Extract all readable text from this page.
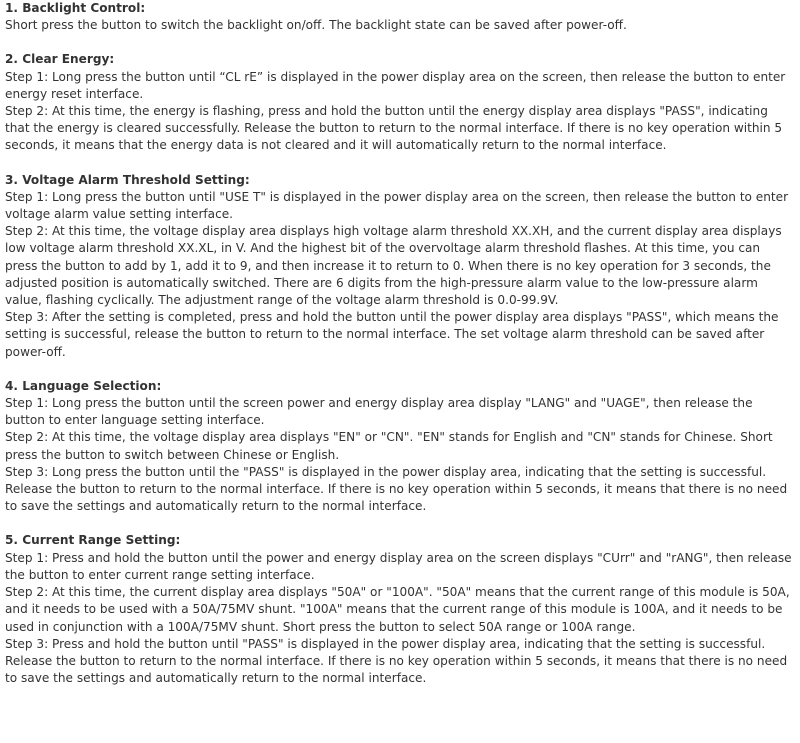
1. Backlight Control:

Short press the button to switch the backlight on/off. The backlight state can be saved after power-off.

2. Clear Energy:

Step 1: Long press the button until “CL rE” is displayed in the power display area on the screen, then release the button to enter energy reset interface.

Step 2: At this time, the energy is flashing, press and hold the button until the energy display area displays "PASS", indicating that the energy is cleared successfully. Release the button to return to the normal interface. If there is no key operation within 5 seconds, it means that the energy data is not cleared and it will automatically return to the normal interface.

3. Voltage Alarm Threshold Setting:

Step 1: Long press the button until "USE T" is displayed in the power display area on the screen, then release the button to enter voltage alarm value setting interface.

Step 2: At this time, the voltage display area displays high voltage alarm threshold XX.XH, and the current display area displays low voltage alarm threshold XX.XL, in V. And the highest bit of the overvoltage alarm threshold flashes. At this time, you can press the button to add by 1, add it to 9, and then increase it to return to 0. When there is no key operation for 3 seconds, the adjusted position is automatically switched. There are 6 digits from the high-pressure alarm value to the low-pressure alarm value, flashing cyclically. The adjustment range of the voltage alarm threshold is 0.0-99.9V.

Step 3: After the setting is completed, press and hold the button until the power display area displays "PASS", which means the setting is successful, release the button to return to the normal interface. The set voltage alarm threshold can be saved after power-off.

4. Language Selection:

Step 1: Long press the button until the screen power and energy display area display "LANG" and "UAGE", then release the button to enter language setting interface.

Step 2: At this time, the voltage display area displays "EN" or "CN". "EN" stands for English and "CN" stands for Chinese. Short press the button to switch between Chinese or English.

Step 3: Long press the button until the "PASS" is displayed in the power display area, indicating that the setting is successful. Release the button to return to the normal interface. If there is no key operation within 5 seconds, it means that there is no need to save the settings and automatically return to the normal interface.

5. Current Range Setting:

Step 1: Press and hold the button until the power and energy display area on the screen displays "CUrr" and "rANG", then release the button to enter current range setting interface.

Step 2: At this time, the current display area displays "50A" or "100A". "50A" means that the current range of this module is 50A, and it needs to be used with a 50A/75MV shunt. "100A" means that the current range of this module is 100A, and it needs to be used in conjunction with a 100A/75MV shunt. Short press the button to select 50A range or 100A range.

Step 3: Press and hold the button until "PASS" is displayed in the power display area, indicating that the setting is successful. Release the button to return to the normal interface. If there is no key operation within 5 seconds, it means that there is no need to save the settings and automatically return to the normal interface.
